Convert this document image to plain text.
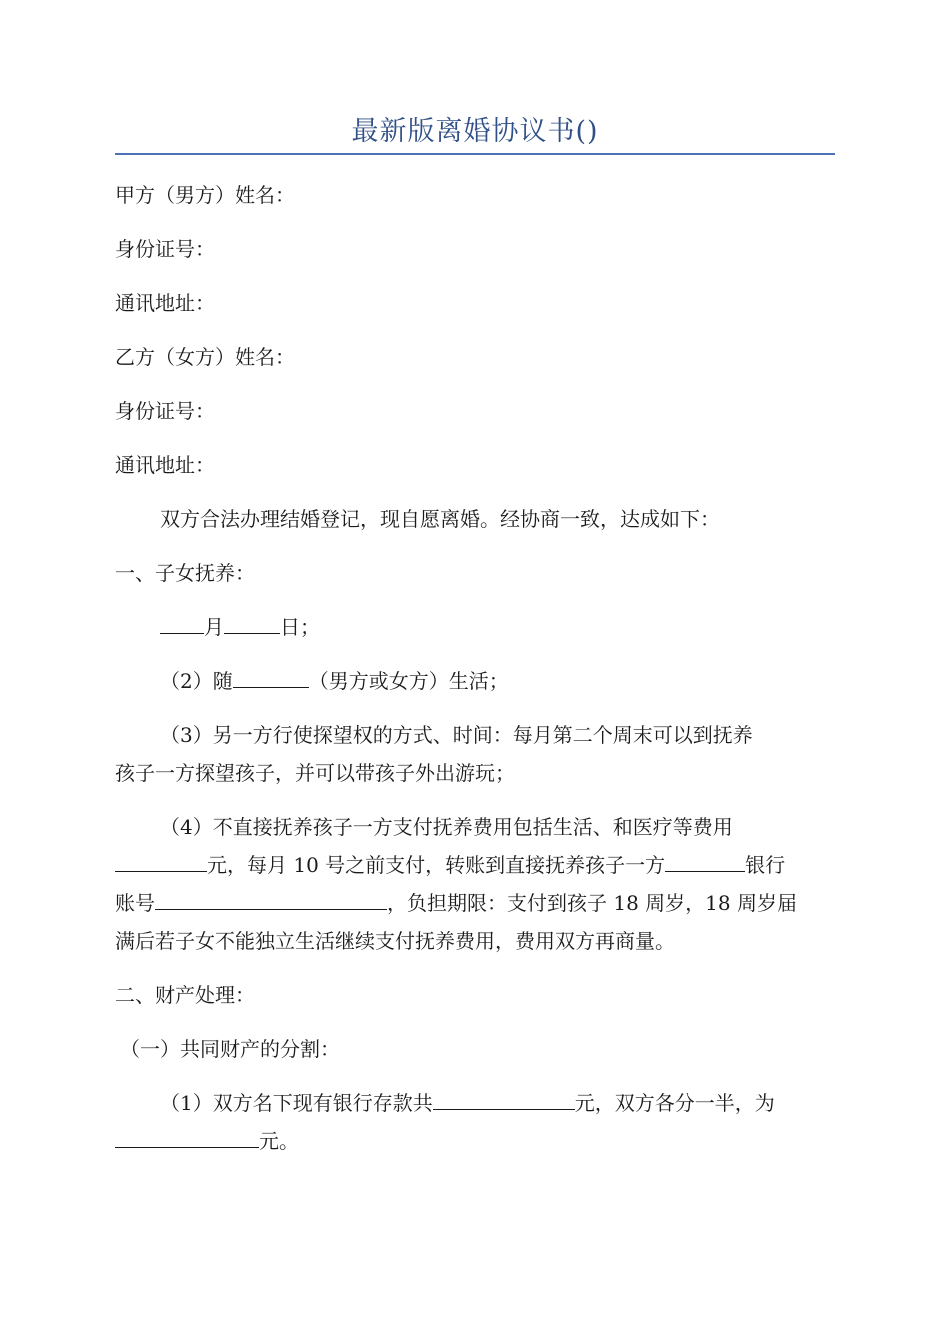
最新版离婚协议书()
甲方（男方）姓名：
身份证号：
通讯地址：
乙方（女方）姓名：
身份证号：
通讯地址：
双方合法办理结婚登记，现自愿离婚。经协商一致，达成如下：
一、子女抚养：
月	日；
（2）随	（男方或女方）生活；
（3）另一方行使探望权的方式、时间：每月第二个周末可以到抚养
孩子一方探望孩子，并可以带孩子外出游玩；
（4）不直接抚养孩子一方支付抚养费用包括生活、和医疗等费用
元，每月 10 号之前支付，转账到直接抚养孩子一方	银行
账号	，负担期限：支付到孩子 18 周岁，18 周岁届
满后若子女不能独立生活继续支付抚养费用，费用双方再商量。
二、财产处理：
（一）共同财产的分割：
（1）双方名下现有银行存款共	元，双方各分一半，为
元。
